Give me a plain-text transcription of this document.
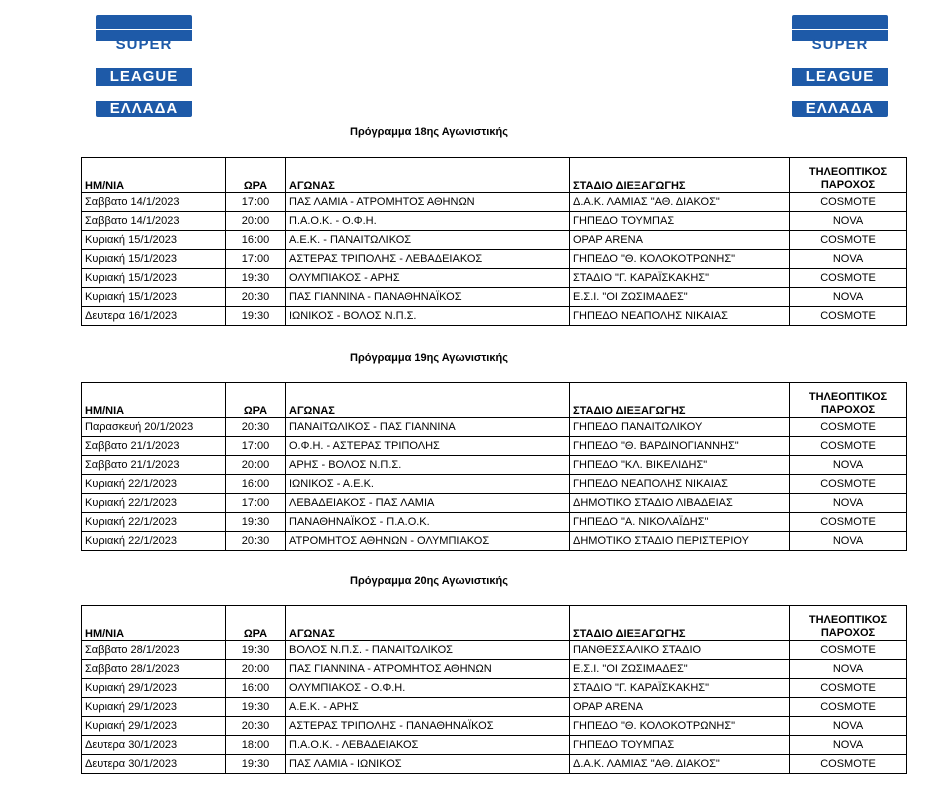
SUPER
LEAGUE
ΕΛΛΑΔΑ
SUPER
LEAGUE
ΕΛΛΑΔΑ
Πρόγραμμα 18ης Αγωνιστικής
ΗΜ/ΝΙΑ	ΩΡΑ	ΑΓΩΝΑΣ	ΣΤΑΔΙΟ ΔΙΕΞΑΓΩΓΗΣ	ΤΗΛΕΟΠΤΙΚΟΣ
ΠΑΡΟΧΟΣ
Σαββατο 14/1/2023	17:00	ΠΑΣ ΛΑΜΙΑ - ΑΤΡΟΜΗΤΟΣ ΑΘΗΝΩΝ	Δ.Α.Κ. ΛΑΜΙΑΣ "ΑΘ. ΔΙΑΚΟΣ"	COSMOTE
Σαββατο 14/1/2023	20:00	Π.Α.Ο.Κ. - Ο.Φ.Η.	ΓΗΠΕΔΟ ΤΟΥΜΠΑΣ	NOVA
Κυριακή 15/1/2023	16:00	Α.Ε.Κ. - ΠΑΝΑΙΤΩΛΙΚΟΣ	OPAP ARENA	COSMOTE
Κυριακή 15/1/2023	17:00	ΑΣΤΕΡΑΣ ΤΡΙΠΟΛΗΣ - ΛΕΒΑΔΕΙΑΚΟΣ	ΓΗΠΕΔΟ "Θ. ΚΟΛΟΚΟΤΡΩΝΗΣ"	NOVA
Κυριακή 15/1/2023	19:30	ΟΛΥΜΠΙΑΚΟΣ - ΑΡΗΣ	ΣΤΑΔΙΟ "Γ. ΚΑΡΑΪΣΚΑΚΗΣ"	COSMOTE
Κυριακή 15/1/2023	20:30	ΠΑΣ ΓΙΑΝΝΙΝΑ - ΠΑΝΑΘΗΝΑΪΚΟΣ	Ε.Σ.Ι. "ΟΙ ΖΩΣΙΜΑΔΕΣ"	NOVA
Δευτερα 16/1/2023	19:30	ΙΩΝΙΚΟΣ - ΒΟΛΟΣ Ν.Π.Σ.	ΓΗΠΕΔΟ ΝΕΑΠΟΛΗΣ ΝΙΚΑΙΑΣ	COSMOTE
Πρόγραμμα 19ης Αγωνιστικής
ΗΜ/ΝΙΑ	ΩΡΑ	ΑΓΩΝΑΣ	ΣΤΑΔΙΟ ΔΙΕΞΑΓΩΓΗΣ	ΤΗΛΕΟΠΤΙΚΟΣ
ΠΑΡΟΧΟΣ
Παρασκευή 20/1/2023	20:30	ΠΑΝΑΙΤΩΛΙΚΟΣ - ΠΑΣ ΓΙΑΝΝΙΝΑ	ΓΗΠΕΔΟ ΠΑΝΑΙΤΩΛΙΚΟΥ	COSMOTE
Σαββατο 21/1/2023	17:00	Ο.Φ.Η. - ΑΣΤΕΡΑΣ ΤΡΙΠΟΛΗΣ	ΓΗΠΕΔΟ "Θ. ΒΑΡΔΙΝΟΓΙΑΝΝΗΣ"	COSMOTE
Σαββατο 21/1/2023	20:00	ΑΡΗΣ - ΒΟΛΟΣ Ν.Π.Σ.	ΓΗΠΕΔΟ "ΚΛ. ΒΙΚΕΛΙΔΗΣ"	NOVA
Κυριακή 22/1/2023	16:00	ΙΩΝΙΚΟΣ - Α.Ε.Κ.	ΓΗΠΕΔΟ ΝΕΑΠΟΛΗΣ ΝΙΚΑΙΑΣ	COSMOTE
Κυριακή 22/1/2023	17:00	ΛΕΒΑΔΕΙΑΚΟΣ - ΠΑΣ ΛΑΜΙΑ	ΔΗΜΟΤΙΚΟ ΣΤΑΔΙΟ ΛΙΒΑΔΕΙΑΣ	NOVA
Κυριακή 22/1/2023	19:30	ΠΑΝΑΘΗΝΑΪΚΟΣ - Π.Α.Ο.Κ.	ΓΗΠΕΔΟ "Α. ΝΙΚΟΛΑΪΔΗΣ"	COSMOTE
Κυριακή 22/1/2023	20:30	ΑΤΡΟΜΗΤΟΣ ΑΘΗΝΩΝ - ΟΛΥΜΠΙΑΚΟΣ	ΔΗΜΟΤΙΚΟ ΣΤΑΔΙΟ ΠΕΡΙΣΤΕΡΙΟΥ	NOVA
Πρόγραμμα 20ης Αγωνιστικής
ΗΜ/ΝΙΑ	ΩΡΑ	ΑΓΩΝΑΣ	ΣΤΑΔΙΟ ΔΙΕΞΑΓΩΓΗΣ	ΤΗΛΕΟΠΤΙΚΟΣ
ΠΑΡΟΧΟΣ
Σαββατο 28/1/2023	19:30	ΒΟΛΟΣ Ν.Π.Σ. - ΠΑΝΑΙΤΩΛΙΚΟΣ	ΠΑΝΘΕΣΣΑΛΙΚΟ ΣΤΑΔΙΟ	COSMOTE
Σαββατο 28/1/2023	20:00	ΠΑΣ ΓΙΑΝΝΙΝΑ - ΑΤΡΟΜΗΤΟΣ ΑΘΗΝΩΝ	Ε.Σ.Ι. "ΟΙ ΖΩΣΙΜΑΔΕΣ"	NOVA
Κυριακή 29/1/2023	16:00	ΟΛΥΜΠΙΑΚΟΣ - Ο.Φ.Η.	ΣΤΑΔΙΟ "Γ. ΚΑΡΑΪΣΚΑΚΗΣ"	COSMOTE
Κυριακή 29/1/2023	19:30	Α.Ε.Κ. - ΑΡΗΣ	OPAP ARENA	COSMOTE
Κυριακή 29/1/2023	20:30	ΑΣΤΕΡΑΣ ΤΡΙΠΟΛΗΣ - ΠΑΝΑΘΗΝΑΪΚΟΣ	ΓΗΠΕΔΟ "Θ. ΚΟΛΟΚΟΤΡΩΝΗΣ"	NOVA
Δευτερα 30/1/2023	18:00	Π.Α.Ο.Κ. - ΛΕΒΑΔΕΙΑΚΟΣ	ΓΗΠΕΔΟ ΤΟΥΜΠΑΣ	NOVA
Δευτερα 30/1/2023	19:30	ΠΑΣ ΛΑΜΙΑ - ΙΩΝΙΚΟΣ	Δ.Α.Κ. ΛΑΜΙΑΣ "ΑΘ. ΔΙΑΚΟΣ"	COSMOTE
